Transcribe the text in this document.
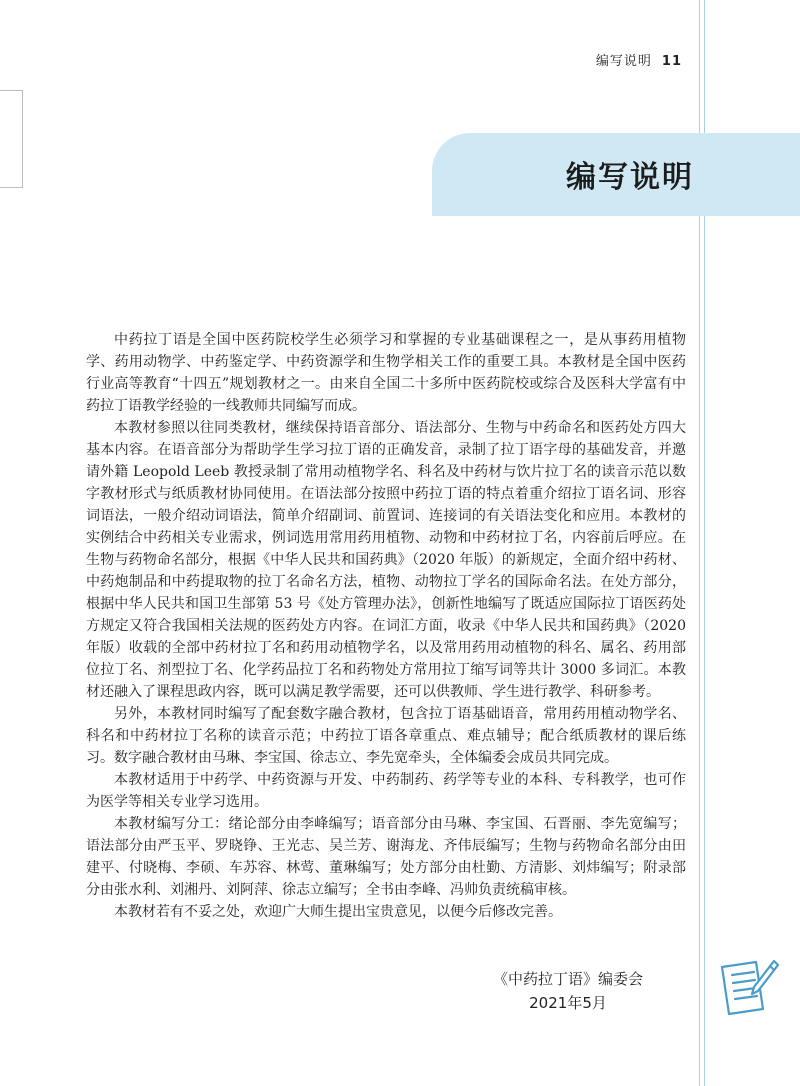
编写说明 11
编写说明

中药拉丁语是全国中医药院校学生必须学习和掌握的专业基础课程之一，是从事药用植物学、药用动物学、中药鉴定学、中药资源学和生物学相关工作的重要工具。本教材是全国中医药行业高等教育“十四五”规划教材之一。由来自全国二十多所中医药院校或综合及医科大学富有中药拉丁语教学经验的一线教师共同编写而成。

本教材参照以往同类教材，继续保持语音部分、语法部分、生物与中药命名和医药处方四大基本内容。在语音部分为帮助学生学习拉丁语的正确发音，录制了拉丁语字母的基础发音，并邀请外籍 Leopold Leeb 教授录制了常用动植物学名、科名及中药材与饮片拉丁名的读音示范以数字教材形式与纸质教材协同使用。在语法部分按照中药拉丁语的特点着重介绍拉丁语名词、形容词语法，一般介绍动词语法，简单介绍副词、前置词、连接词的有关语法变化和应用。本教材的实例结合中药相关专业需求，例词选用常用药用植物、动物和中药材拉丁名，内容前后呼应。在生物与药物命名部分，根据《中华人民共和国药典》（2020 年版）的新规定，全面介绍中药材、中药炮制品和中药提取物的拉丁名命名方法，植物、动物拉丁学名的国际命名法。在处方部分，根据中华人民共和国卫生部第 53 号《处方管理办法》，创新性地编写了既适应国际拉丁语医药处方规定又符合我国相关法规的医药处方内容。在词汇方面，收录《中华人民共和国药典》（2020 年版）收载的全部中药材拉丁名和药用动植物学名，以及常用药用动植物的科名、属名、药用部位拉丁名、剂型拉丁名、化学药品拉丁名和药物处方常用拉丁缩写词等共计 3000 多词汇。本教材还融入了课程思政内容，既可以满足教学需要，还可以供教师、学生进行教学、科研参考。

另外，本教材同时编写了配套数字融合教材，包含拉丁语基础语音，常用药用植动物学名、科名和中药材拉丁名称的读音示范；中药拉丁语各章重点、难点辅导；配合纸质教材的课后练习。数字融合教材由马琳、李宝国、徐志立、李先宽牵头，全体编委会成员共同完成。

本教材适用于中药学、中药资源与开发、中药制药、药学等专业的本科、专科教学，也可作为医学等相关专业学习选用。

本教材编写分工：绪论部分由李峰编写；语音部分由马琳、李宝国、石晋丽、李先宽编写；语法部分由严玉平、罗晓铮、王光志、吴兰芳、谢海龙、齐伟辰编写；生物与药物命名部分由田建平、付晓梅、李硕、车苏容、林莺、董琳编写；处方部分由杜勤、方清影、刘炜编写；附录部分由张水利、刘湘丹、刘阿萍、徐志立编写；全书由李峰、冯帅负责统稿审核。

本教材若有不妥之处，欢迎广大师生提出宝贵意见，以便今后修改完善。

《中药拉丁语》编委会
2021年5月
